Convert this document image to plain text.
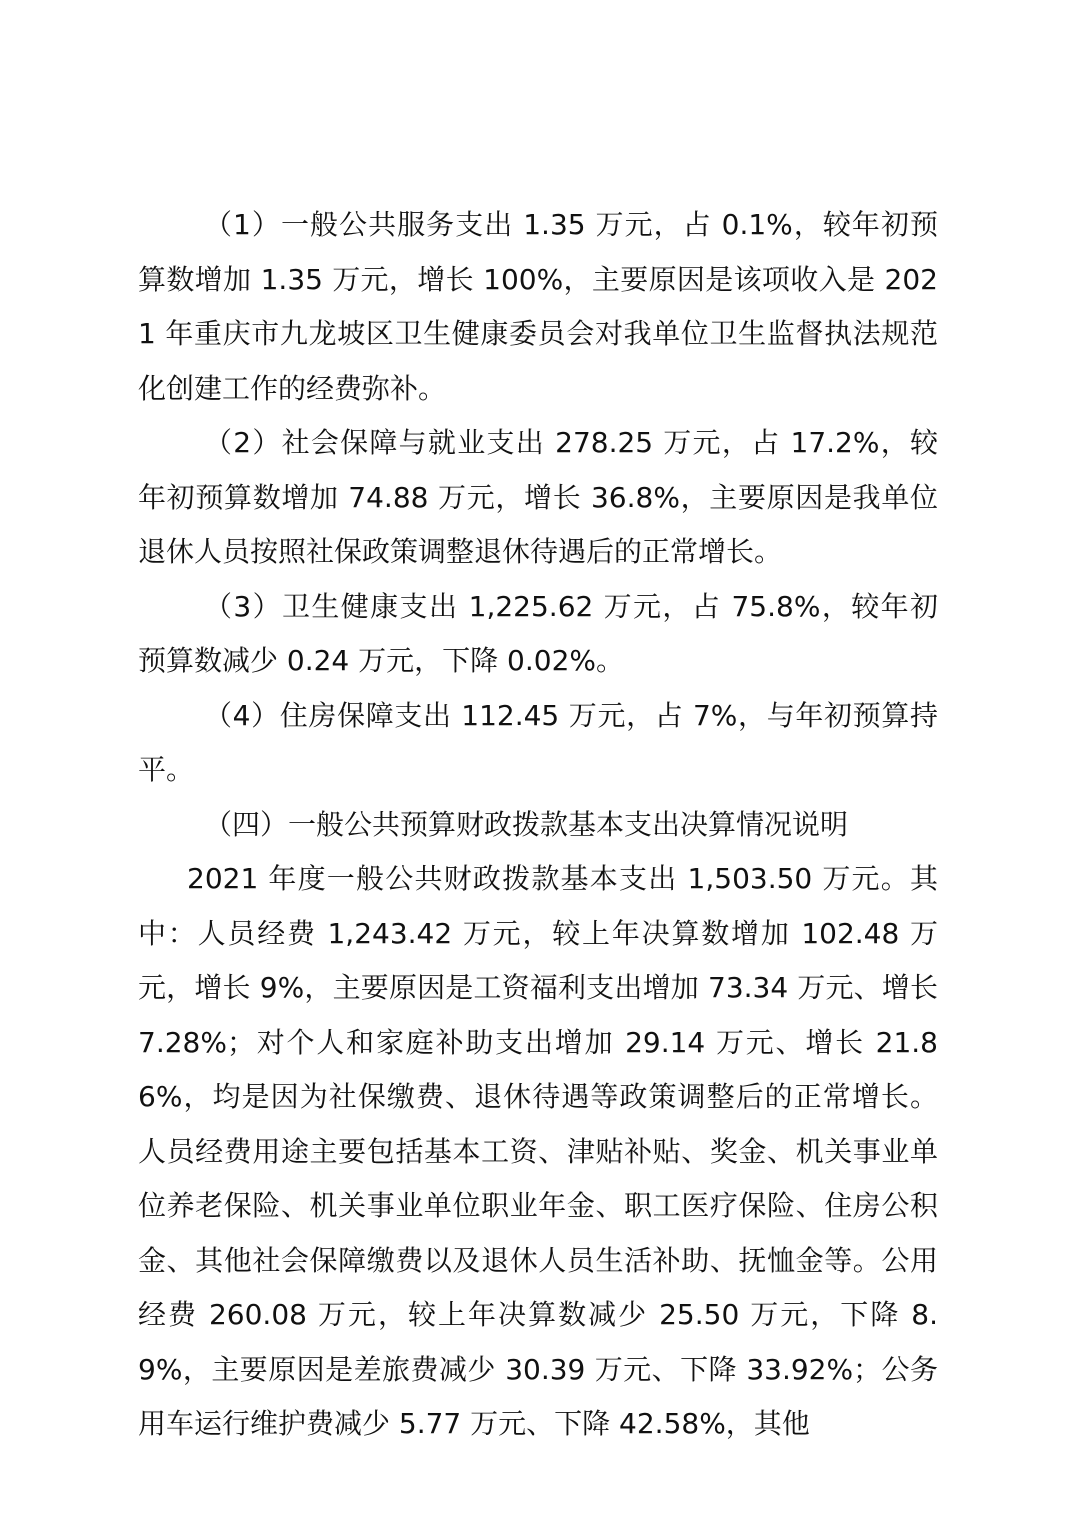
（1）一般公共服务支出 1.35 万元，占 0.1%，较年初预算数增加 1.35 万元，增长 100%，主要原因是该项收入是 2021 年重庆市九龙坡区卫生健康委员会对我单位卫生监督执法规范化创建工作的经费弥补。

（2）社会保障与就业支出 278.25 万元，占 17.2%，较年初预算数增加 74.88 万元，增长 36.8%，主要原因是我单位退休人员按照社保政策调整退休待遇后的正常增长。

（3）卫生健康支出 1,225.62 万元，占 75.8%，较年初预算数减少 0.24 万元，下降 0.02%。

（4）住房保障支出 112.45 万元，占 7%，与年初预算持平。

（四）一般公共预算财政拨款基本支出决算情况说明

2021 年度一般公共财政拨款基本支出 1,503.50 万元。其中：人员经费 1,243.42 万元，较上年决算数增加 102.48 万元，增长 9%，主要原因是工资福利支出增加 73.34 万元、增长 7.28%；对个人和家庭补助支出增加 29.14 万元、增长 21.86%，均是因为社保缴费、退休待遇等政策调整后的正常增长。人员经费用途主要包括基本工资、津贴补贴、奖金、机关事业单位养老保险、机关事业单位职业年金、职工医疗保险、住房公积金、其他社会保障缴费以及退休人员生活补助、抚恤金等。公用经费 260.08 万元，较上年决算数减少 25.50 万元，下降 8.9%，主要原因是差旅费减少 30.39 万元、下降 33.92%；公务用车运行维护费减少 5.77 万元、下降 42.58%，其他
